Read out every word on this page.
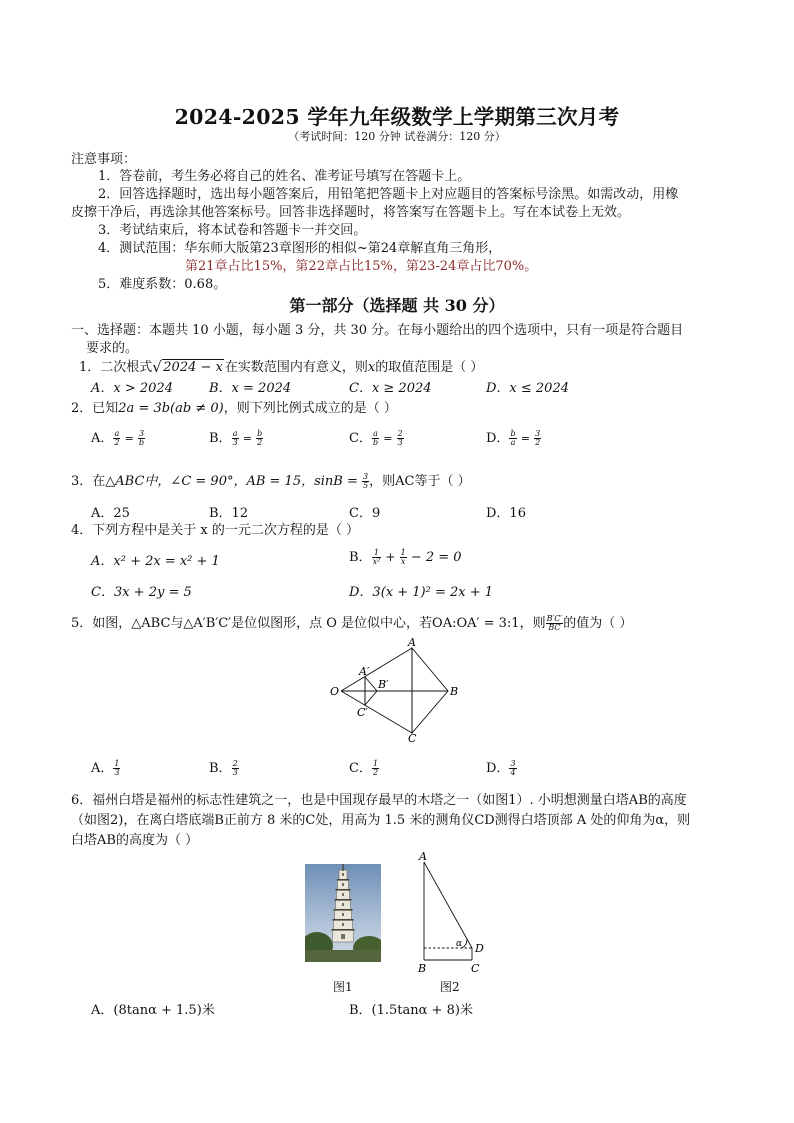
2024-2025 学年九年级数学上学期第三次月考
（考试时间：120 分钟 试卷满分：120 分）
注意事项：
1．答卷前，考生务必将自己的姓名、准考证号填写在答题卡上。
2．回答选择题时，选出每小题答案后，用铅笔把答题卡上对应题目的答案标号涂黑。如需改动，用橡
皮擦干净后，再选涂其他答案标号。回答非选择题时，将答案写在答题卡上。写在本试卷上无效。
3．考试结束后，将本试卷和答题卡一并交回。
4．测试范围：华东师大版第23章图形的相似~第24章解直角三角形，
第21章占比15%，第22章占比15%，第23-24章占比70%。
5．难度系数：0.68。
第一部分（选择题 共 30 分）
一、选择题：本题共 10 小题，每小题 3 分，共 30 分。在每小题给出的四个选项中，只有一项是符合题目
要求的。
1．二次根式 √ 2024 − x 在实数范围内有意义，则x的取值范围是（ ）
A．x > 2024	B．x = 2024	C．x ≥ 2024	D．x ≤ 2024
2．已知2a = 3b(ab ≠ 0)，则下列比例式成立的是（ ）
A． $\frac{a}{2} = \frac{3}{b}$	B． $\frac{a}{3} = \frac{b}{2}$	C． $\frac{a}{b} = \frac{2}{3}$	D． $\frac{b}{a} = \frac{3}{2}$
3．在△ABC中，∠C = 90°，AB = 15，$\sin B = \frac{3}{5}$ ，则AC等于（ ）
A．25	B．12	C．9	D．16
4．下列方程中是关于 x 的一元二次方程的是（ ）
A．x² + 2x = x² + 1	B． $\frac{1}{\text{x²}} + \frac{1}{x} - 2 = 0$
C．3x + 2y = 5	D．3(x + 1)² = 2x + 1
5．如图，△ABC与△A′B′C′是位似图形，点 O 是位似中心，若OA:OA′ = 3:1，则 $\frac{B'C'}{BC}$ 的值为（ ）
A
B
C
O
A′
B′
C′
A． $\frac{1}{3}$	B． $\frac{2}{3}$	C． $\frac{1}{2}$	D． $\frac{3}{4}$
6．福州白塔是福州的标志性建筑之一，也是中国现存最早的木塔之一（如图1）. 小明想测量白塔AB的高度
（如图2)，在离白塔底端B正前方 8 米的C处，用高为 1.5 米的测角仪CD测得白塔顶部 A 处的仰角为α，则
白塔AB的高度为（ ）
图1
A
B	C
D
α
图2
A．(8tanα + 1.5)米	B．(1.5tanα + 8)米
